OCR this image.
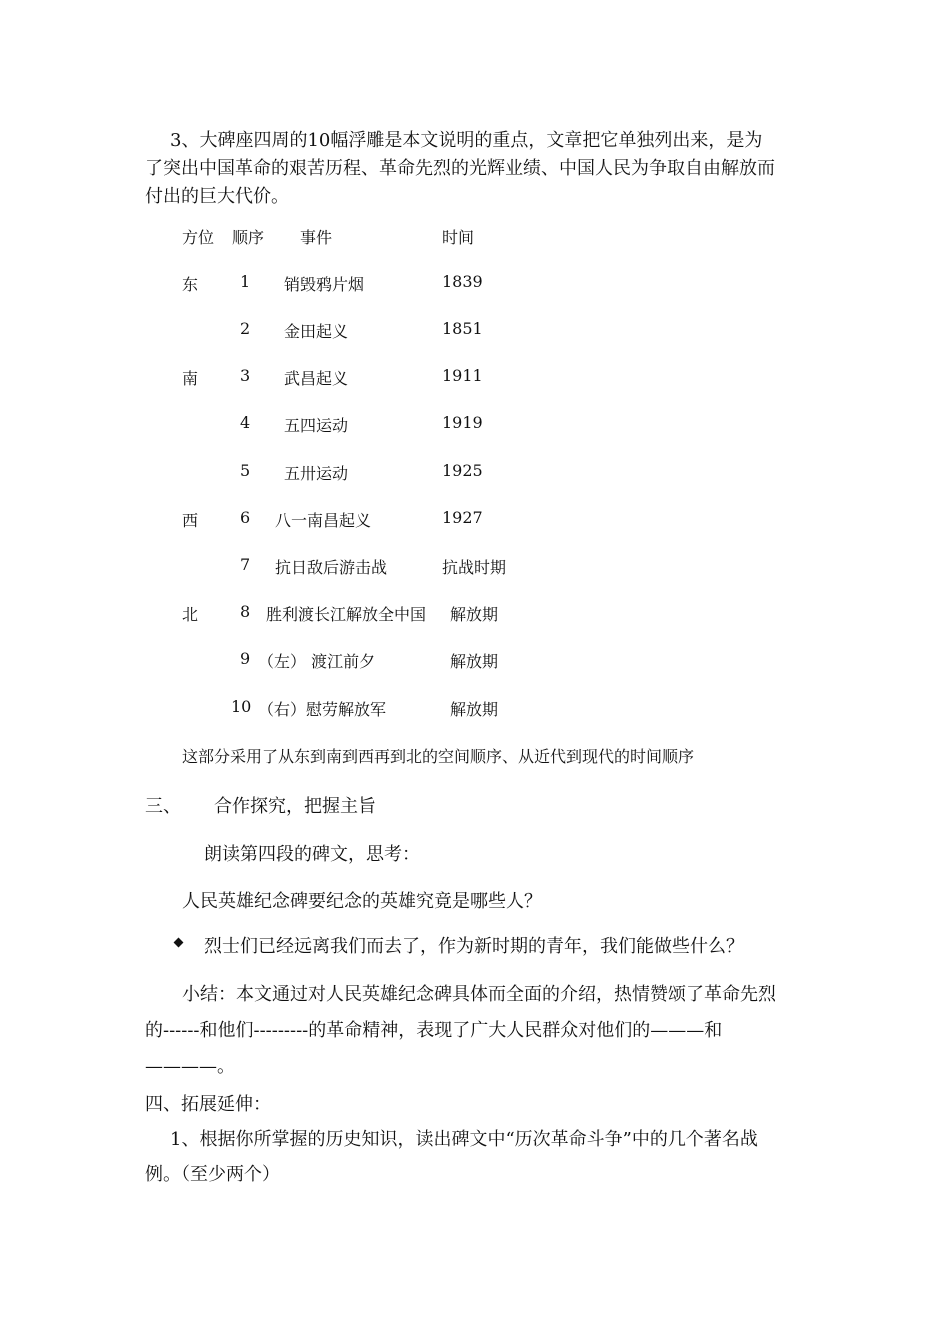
3、大碑座四周的10幅浮雕是本文说明的重点，文章把它单独列出来，是为
了突出中国革命的艰苦历程、革命先烈的光辉业绩、中国人民为争取自由解放而
付出的巨大代价。
方位 顺序 事件	时间
东	1 销毁鸦片烟	1839
2 金田起义	1851
南	3 武昌起义	1911
4 五四运动	1919
5 五卅运动	1925
西	6 八一南昌起义	1927
7 抗日敌后游击战	抗战时期
北	8 胜利渡长江解放全中国 解放期
9 （左） 渡江前夕	解放期
10 （右）慰劳解放军	解放期
这部分采用了从东到南到西再到北的空间顺序、从近代到现代的时间顺序
三、 合作探究，把握主旨
朗读第四段的碑文，思考：
人民英雄纪念碑要纪念的英雄究竟是哪些人？
烈士们已经远离我们而去了，作为新时期的青年，我们能做些什么？
小结：本文通过对人民英雄纪念碑具体而全面的介绍，热情赞颂了革命先烈
的------和他们---------的革命精神，表现了广大人民群众对他们的———和
————。
四、拓展延伸：
1、根据你所掌握的历史知识，读出碑文中“历次革命斗争”中的几个著名战
例。（至少两个）
